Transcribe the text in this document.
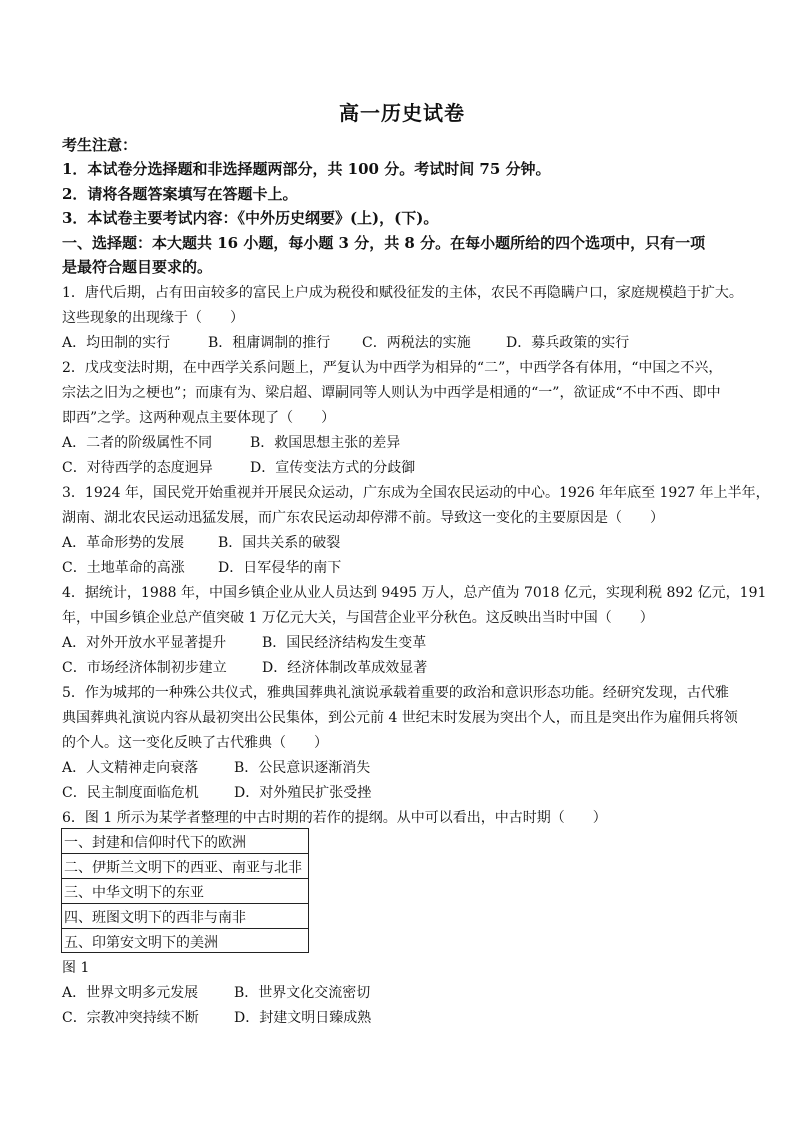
高一历史试卷
考生注意：
1．本试卷分选择题和非选择题两部分，共 100 分。考试时间 75 分钟。
2．请将各题答案填写在答题卡上。
3．本试卷主要考试内容：《中外历史纲要》(上)，(下)。
一、选择题：本大题共 16 小题，每小题 3 分，共 8 分。在每小题所给的四个选项中，只有一项
是最符合题目要求的。
1．唐代后期，占有田亩较多的富民上户成为税役和赋役征发的主体，农民不再隐瞒户口，家庭规模趋于扩大。
这些现象的出现缘于（　　）
A．均田制的实行	B．租庸调制的推行 C．两税法的实施	D．募兵政策的实行
2．戊戌变法时期，在中西学关系问题上，严复认为中西学为相异的“二”，中西学各有体用，“中国之不兴，
宗法之旧为之梗也”；而康有为、梁启超、谭嗣同等人则认为中西学是相通的“一”，欲证成“不中不西、即中
即西”之学。这两种观点主要体现了（　　）
A．二者的阶级属性不同	B．救国思想主张的差异
C．对待西学的态度迥异	D．宣传变法方式的分歧御
3．1924 年，国民党开始重视并开展民众运动，广东成为全国农民运动的中心。1926 年年底至 1927 年上半年，
湖南、湖北农民运动迅猛发展，而广东农民运动却停滞不前。导致这一变化的主要原因是（　　）
A．革命形势的发展 B．国共关系的破裂
C．土地革命的高涨 D．日军侵华的南下
4．据统计，1988 年，中国乡镇企业从业人员达到 9495 万人，总产值为 7018 亿元，实现利税 892 亿元，191
年，中国乡镇企业总产值突破 1 万亿元大关，与国营企业平分秋色。这反映出当时中国（　　）
A．对外开放水平显著提升	B．国民经济结构发生变革
C．市场经济体制初步建立	D．经济体制改革成效显著
5．作为城邦的一种殊公共仪式，雅典国葬典礼演说承载着重要的政治和意识形态功能。经研究发现，古代雅
典国葬典礼演说内容从最初突出公民集体，到公元前 4 世纪末时发展为突出个人，而且是突出作为雇佣兵将领
的个人。这一变化反映了古代雅典（　　）
A．人文精神走向衰落	B．公民意识逐渐消失
C．民主制度面临危机	D．对外殖民扩张受挫
6．图 1 所示为某学者整理的中古时期的若作的提纲。从中可以看出，中古时期（　　）
一、封建和信仰时代下的欧洲
二、伊斯兰文明下的西亚、南亚与北非
三、中华文明下的东亚
四、班图文明下的西非与南非
五、印第安文明下的美洲
图 1
A．世界文明多元发展	B．世界文化交流密切
C．宗教冲突持续不断	D．封建文明日臻成熟
